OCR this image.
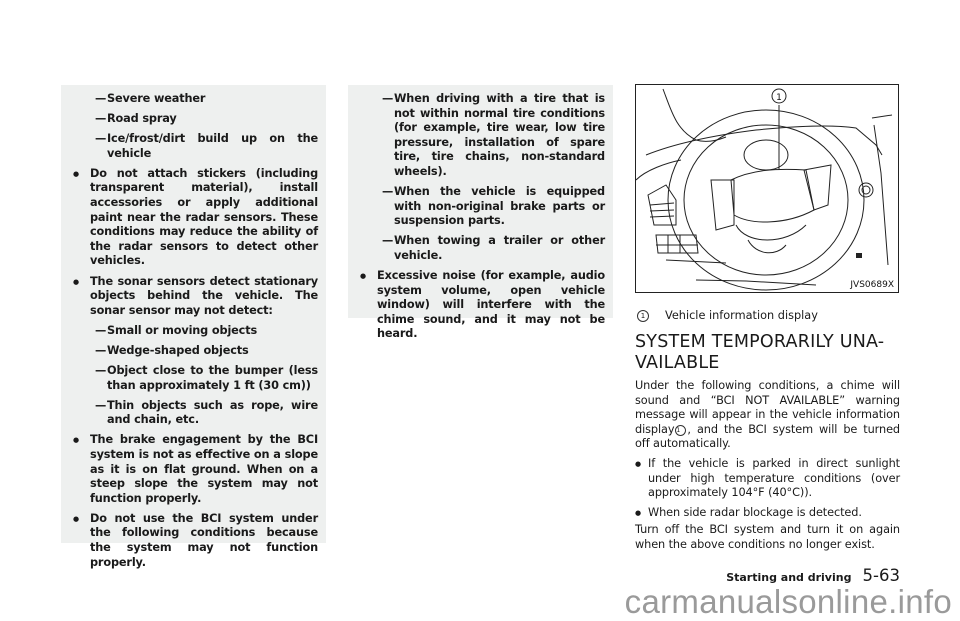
— Severe weather
— Road spray
— Ice/frost/dirt build up on the vehicle
● Do not attach stickers (including transparent material), install accessories or apply additional paint near the radar sensors. These conditions may reduce the ability of the radar sensors to detect other vehicles.
● The sonar sensors detect stationary objects behind the vehicle. The sonar sensor may not detect:
— Small or moving objects
— Wedge-shaped objects
— Object close to the bumper (less than approximately 1 ft (30 cm))
— Thin objects such as rope, wire and chain, etc.
● The brake engagement by the BCI system is not as effective on a slope as it is on flat ground. When on a steep slope the system may not function properly.
● Do not use the BCI system under the following conditions because the system may not function properly.
— When driving with a tire that is not within normal tire conditions (for example, tire wear, low tire pressure, installation of spare tire, tire chains, non-standard wheels).
— When the vehicle is equipped with non-original brake parts or suspension parts.
— When towing a trailer or other vehicle.
● Excessive noise (for example, audio system volume, open vehicle window) will interfere with the chime sound, and it may not be heard.
1
JVS0689X
1	Vehicle information display
SYSTEM TEMPORARILY UNA-
VAILABLE

Under the following conditions, a chime will sound and “BCI NOT AVAILABLE” warning message will appear in the vehicle information display 1 , and the BCI system will be turned off automatically.

● If the vehicle is parked in direct sunlight under high temperature conditions (over approximately 104°F (40°C)).
● When side radar blockage is detected.

Turn off the BCI system and turn it on again when the above conditions no longer exist.

Starting and driving 5-63
carmanualsonline.info
